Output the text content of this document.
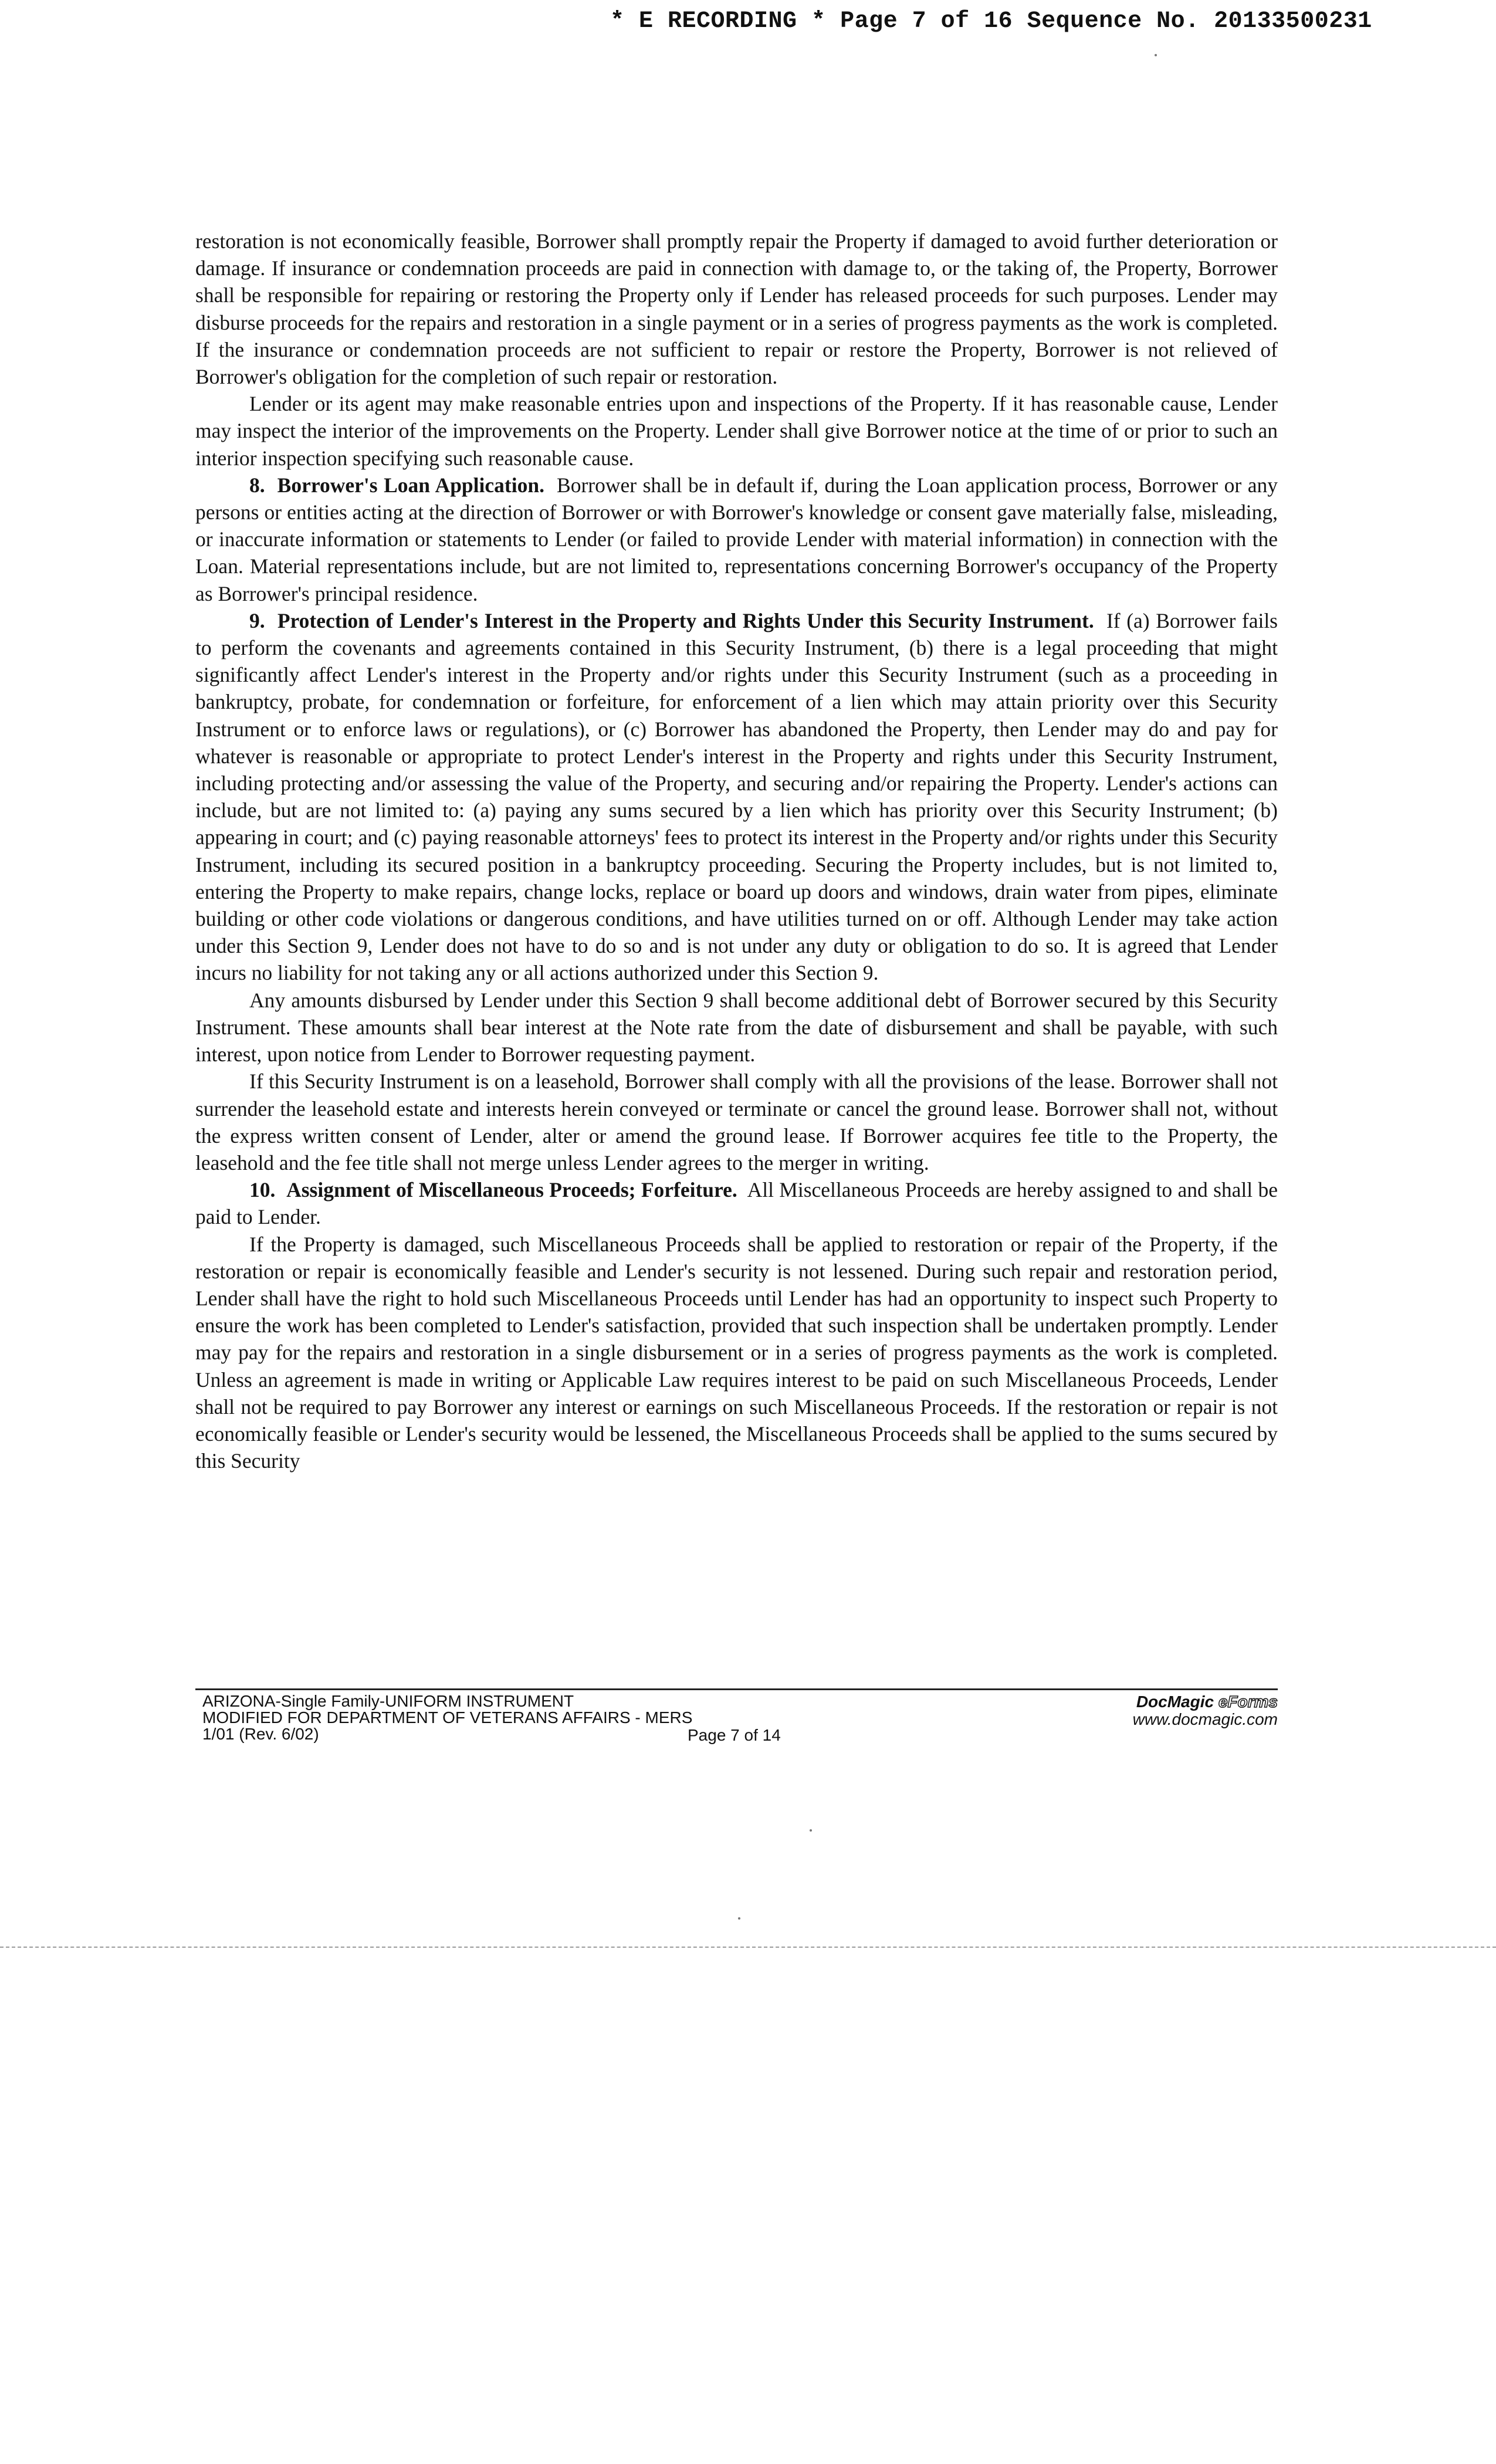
* E RECORDING * Page 7 of 16 Sequence No. 20133500231

restoration is not economically feasible, Borrower shall promptly repair the Property if damaged to avoid further deterioration or damage. If insurance or condemnation proceeds are paid in connection with damage to, or the taking of, the Property, Borrower shall be responsible for repairing or restoring the Property only if Lender has released proceeds for such purposes. Lender may disburse proceeds for the repairs and restoration in a single payment or in a series of progress payments as the work is completed. If the insurance or condemnation proceeds are not sufficient to repair or restore the Property, Borrower is not relieved of Borrower's obligation for the completion of such repair or restoration.

Lender or its agent may make reasonable entries upon and inspections of the Property. If it has reasonable cause, Lender may inspect the interior of the improvements on the Property. Lender shall give Borrower notice at the time of or prior to such an interior inspection specifying such reasonable cause.

8. Borrower's Loan Application. Borrower shall be in default if, during the Loan application process, Borrower or any persons or entities acting at the direction of Borrower or with Borrower's knowledge or consent gave materially false, misleading, or inaccurate information or statements to Lender (or failed to provide Lender with material information) in connection with the Loan. Material representations include, but are not limited to, representations concerning Borrower's occupancy of the Property as Borrower's principal residence.

9. Protection of Lender's Interest in the Property and Rights Under this Security Instrument. If (a) Borrower fails to perform the covenants and agreements contained in this Security Instrument, (b) there is a legal proceeding that might significantly affect Lender's interest in the Property and/or rights under this Security Instrument (such as a proceeding in bankruptcy, probate, for condemnation or forfeiture, for enforcement of a lien which may attain priority over this Security Instrument or to enforce laws or regulations), or (c) Borrower has abandoned the Property, then Lender may do and pay for whatever is reasonable or appropriate to protect Lender's interest in the Property and rights under this Security Instrument, including protecting and/or assessing the value of the Property, and securing and/or repairing the Property. Lender's actions can include, but are not limited to: (a) paying any sums secured by a lien which has priority over this Security Instrument; (b) appearing in court; and (c) paying reasonable attorneys' fees to protect its interest in the Property and/or rights under this Security Instrument, including its secured position in a bankruptcy proceeding. Securing the Property includes, but is not limited to, entering the Property to make repairs, change locks, replace or board up doors and windows, drain water from pipes, eliminate building or other code violations or dangerous conditions, and have utilities turned on or off. Although Lender may take action under this Section 9, Lender does not have to do so and is not under any duty or obligation to do so. It is agreed that Lender incurs no liability for not taking any or all actions authorized under this Section 9.

Any amounts disbursed by Lender under this Section 9 shall become additional debt of Borrower secured by this Security Instrument. These amounts shall bear interest at the Note rate from the date of disbursement and shall be payable, with such interest, upon notice from Lender to Borrower requesting payment.

If this Security Instrument is on a leasehold, Borrower shall comply with all the provisions of the lease. Borrower shall not surrender the leasehold estate and interests herein conveyed or terminate or cancel the ground lease. Borrower shall not, without the express written consent of Lender, alter or amend the ground lease. If Borrower acquires fee title to the Property, the leasehold and the fee title shall not merge unless Lender agrees to the merger in writing.

10. Assignment of Miscellaneous Proceeds; Forfeiture. All Miscellaneous Proceeds are hereby assigned to and shall be paid to Lender.

If the Property is damaged, such Miscellaneous Proceeds shall be applied to restoration or repair of the Property, if the restoration or repair is economically feasible and Lender's security is not lessened. During such repair and restoration period, Lender shall have the right to hold such Miscellaneous Proceeds until Lender has had an opportunity to inspect such Property to ensure the work has been completed to Lender's satisfaction, provided that such inspection shall be undertaken promptly. Lender may pay for the repairs and restoration in a single disbursement or in a series of progress payments as the work is completed. Unless an agreement is made in writing or Applicable Law requires interest to be paid on such Miscellaneous Proceeds, Lender shall not be required to pay Borrower any interest or earnings on such Miscellaneous Proceeds. If the restoration or repair is not economically feasible or Lender's security would be lessened, the Miscellaneous Proceeds shall be applied to the sums secured by this Security

ARIZONA-Single Family-UNIFORM INSTRUMENT
MODIFIED FOR DEPARTMENT OF VETERANS AFFAIRS - MERS
1/01 (Rev. 6/02)	Page 7 of 14
DocMagic eForms
www.docmagic.com
